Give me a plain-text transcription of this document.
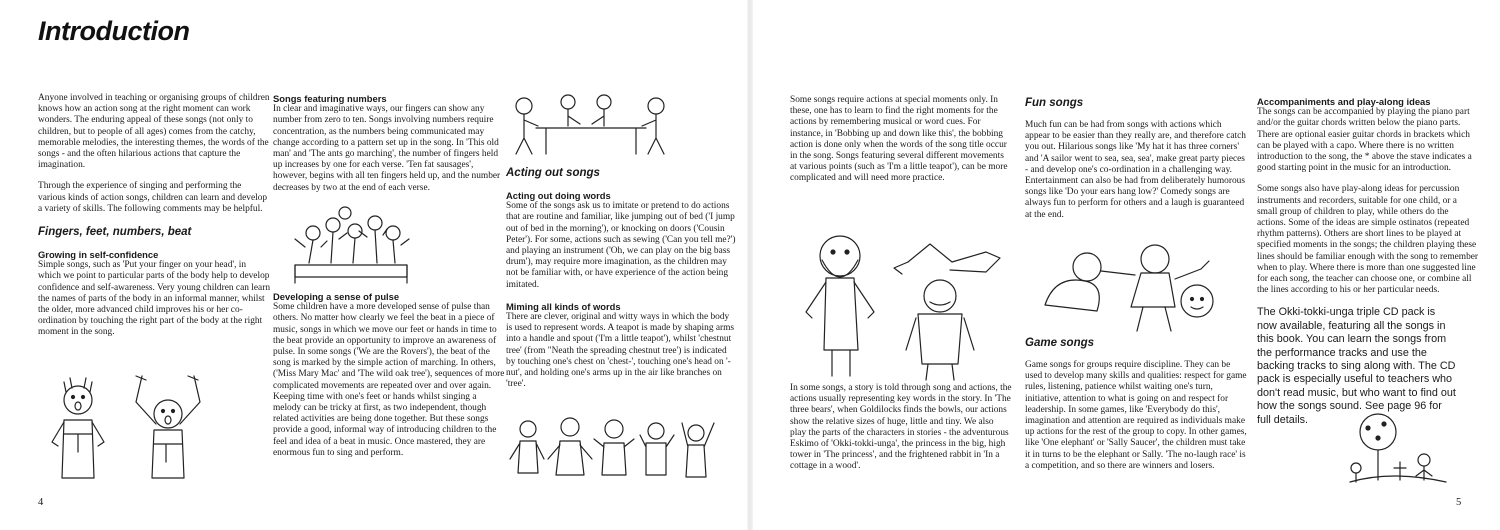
Introduction

Anyone involved in teaching or organising groups of children knows how an action song at the right moment can work wonders. The enduring appeal of these songs (not only to children, but to people of all ages) comes from the catchy, memorable melodies, the interesting themes, the words of the songs - and the often hilarious actions that capture the imagination.

Through the experience of singing and performing the various kinds of action songs, children can learn and develop a variety of skills. The following comments may be helpful.

Fingers, feet, numbers, beat
Growing in self-confidence

Simple songs, such as 'Put your finger on your head', in which we point to particular parts of the body help to develop confidence and self-awareness. Very young children can learn the names of parts of the body in an informal manner, whilst the older, more advanced child improves his or her co-ordination by touching the right part of the body at the right moment in the song.

Songs featuring numbers

In clear and imaginative ways, our fingers can show any number from zero to ten. Songs involving numbers require concentration, as the numbers being communicated may change according to a pattern set up in the song. In 'This old man' and 'The ants go marching', the number of fingers held up increases by one for each verse. 'Ten fat sausages', however, begins with all ten fingers held up, and the number decreases by two at the end of each verse.

Developing a sense of pulse

Some children have a more developed sense of pulse than others. No matter how clearly we feel the beat in a piece of music, songs in which we move our feet or hands in time to the beat provide an opportunity to improve an awareness of pulse. In some songs ('We are the Rovers'), the beat of the song is marked by the simple action of marching. In others, ('Miss Mary Mac' and 'The wild oak tree'), sequences of more complicated movements are repeated over and over again. Keeping time with one's feet or hands whilst singing a melody can be tricky at first, as two independent, though related activities are being done together. But these songs provide a good, informal way of introducing children to the feel and idea of a beat in music. Once mastered, they are enormous fun to sing and perform.

Acting out songs
Acting out doing words

Some of the songs ask us to imitate or pretend to do actions that are routine and familiar, like jumping out of bed ('I jump out of bed in the morning'), or knocking on doors ('Cousin Peter'). For some, actions such as sewing ('Can you tell me?') and playing an instrument ('Oh, we can play on the big bass drum'), may require more imagination, as the children may not be familiar with, or have experience of the action being imitated.

Miming all kinds of words

There are clever, original and witty ways in which the body is used to represent words. A teapot is made by shaping arms into a handle and spout ('I'm a little teapot'), whilst 'chestnut tree' (from "Neath the spreading chestnut tree') is indicated by touching one's chest on 'chest-', touching one's head on '-nut', and holding one's arms up in the air like branches on 'tree'.

Some songs require actions at special moments only. In these, one has to learn to find the right moments for the actions by remembering musical or word cues. For instance, in 'Bobbing up and down like this', the bobbing action is done only when the words of the song title occur in the song. Songs featuring several different movements at various points (such as 'I'm a little teapot'), can be more complicated and will need more practice.

In some songs, a story is told through song and actions, the actions usually representing key words in the story. In 'The three bears', when Goldilocks finds the bowls, our actions show the relative sizes of huge, little and tiny. We also play the parts of the characters in stories - the adventurous Eskimo of 'Okki-tokki-unga', the princess in the big, high tower in 'The princess', and the frightened rabbit in 'In a cottage in a wood'.

Fun songs

Much fun can be had from songs with actions which appear to be easier than they really are, and therefore catch you out. Hilarious songs like 'My hat it has three corners' and 'A sailor went to sea, sea, sea', make great party pieces - and develop one's co-ordination in a challenging way. Entertainment can also be had from deliberately humorous songs like 'Do your ears hang low?' Comedy songs are always fun to perform for others and a laugh is guaranteed at the end.

Game songs

Game songs for groups require discipline. They can be used to develop many skills and qualities: respect for game rules, listening, patience whilst waiting one's turn, initiative, attention to what is going on and respect for leadership. In some games, like 'Everybody do this', imagination and attention are required as individuals make up actions for the rest of the group to copy. In other games, like 'One elephant' or 'Sally Saucer', the children must take it in turns to be the elephant or Sally. 'The no-laugh race' is a competition, and so there are winners and losers.

Accompaniments and play-along ideas

The songs can be accompanied by playing the piano part and/or the guitar chords written below the piano parts. There are optional easier guitar chords in brackets which can be played with a capo. Where there is no written introduction to the song, the * above the stave indicates a good starting point in the music for an introduction.

Some songs also have play-along ideas for percussion instruments and recorders, suitable for one child, or a small group of children to play, while others do the actions. Some of the ideas are simple ostinatos (repeated rhythm patterns). Others are short lines to be played at specified moments in the songs; the children playing these lines should be familiar enough with the song to remember when to play. Where there is more than one suggested line for each song, the teacher can choose one, or combine all the lines according to his or her particular needs.

The Okki-tokki-unga triple CD pack is now available, featuring all the songs in this book. You can learn the songs from the performance tracks and use the backing tracks to sing along with. The CD pack is especially useful to teachers who don't read music, but who want to find out how the songs sound. See page 96 for full details.

4	5
